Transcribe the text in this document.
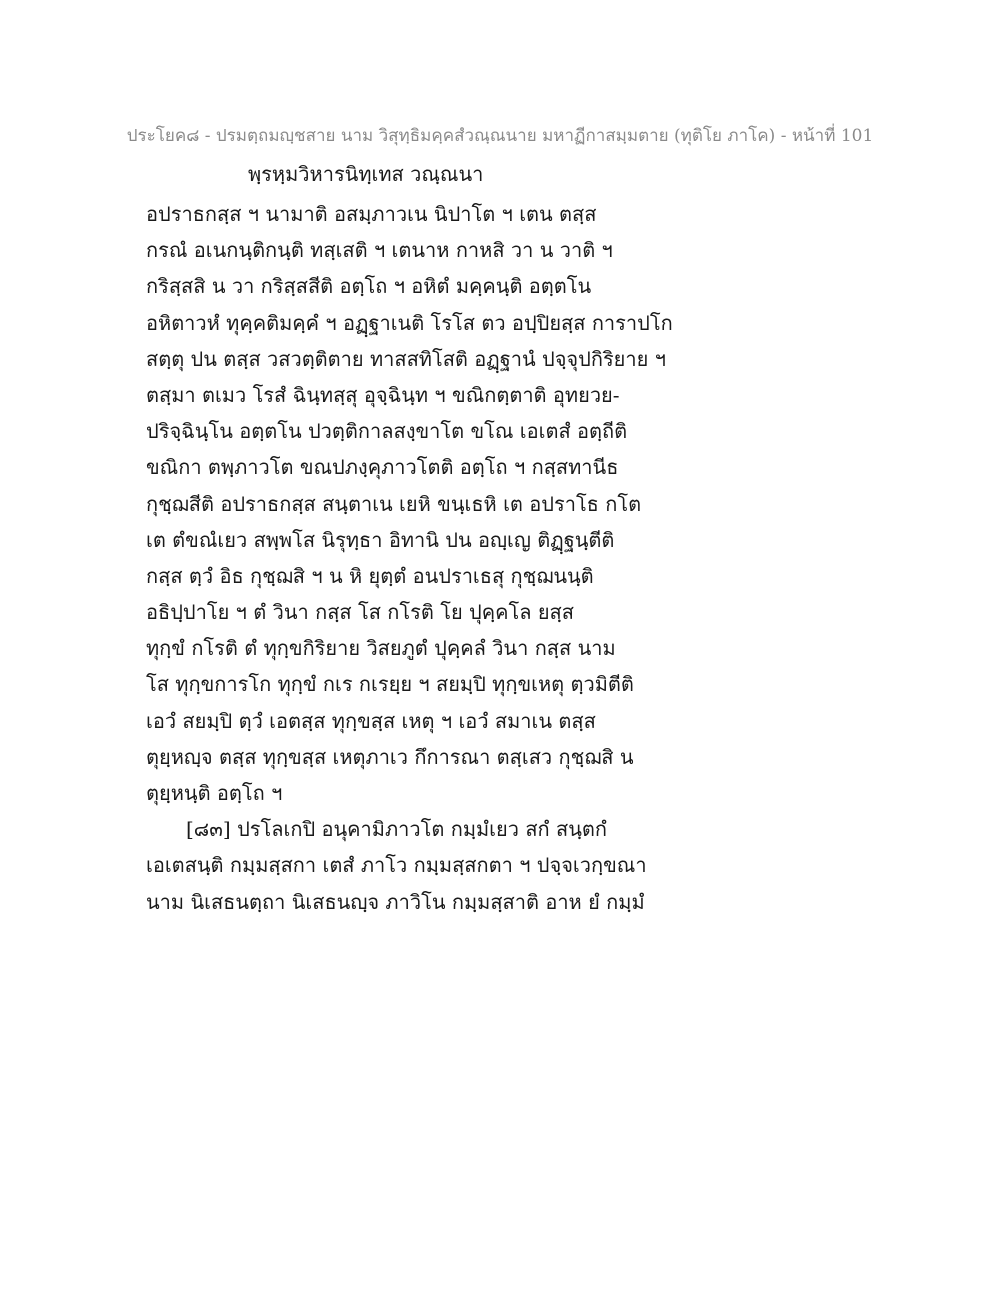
ประโยค๘ - ปรมตฺถมญฺชสาย นาม วิสุทฺธิมคฺคสํวณฺณนาย มหาฏีกาสมฺมตาย (ทุติโย ภาโค) - หน้าที่ 101
พฺรหฺมวิหารนิทฺเทส วณฺณนา

อปราธกสฺส ฯ นามาติ อสมฺภาวเน นิปาโต ฯ เตน ตสฺส

กรณํ อเนกนฺติกนฺติ ทสฺเสติ ฯ เตนาห กาหสิ วา น วาติ ฯ

กริสฺสสิ น วา กริสฺสสีติ อตฺโถ ฯ อหิตํ มคฺคนฺติ อตฺตโน

อหิตาวหํ ทุคฺคติมคฺคํ ฯ อฏฺฐาเนติ โรโส ตว อปฺปิยสฺส การาปโก

สตฺตุ ปน ตสฺส วสวตฺติตาย ทาสสทิโสติ อฏฺฐานํ ปจฺจุปกิริยาย ฯ

ตสฺมา ตเมว โรสํ ฉินฺทสฺสุ อุจฺฉินฺท ฯ ขณิกตฺตาติ อุทยวย-

ปริจฺฉินฺโน อตฺตโน ปวตฺติกาลสงฺขาโต ขโณ เอเตสํ อตฺถีติ

ขณิกา ตพฺภาวโต ขณปภงฺคุภาวโตติ อตฺโถ ฯ กสฺสทานีธ

กุชฺฌสีติ อปราธกสฺส สนฺตาเน เยหิ ขนฺเธหิ เต อปราโธ กโต

เต ตํขณํเยว สพฺพโส นิรุทฺธา อิทานิ ปน อญฺเญ ติฏฺฐนฺตีติ

กสฺส ตฺวํ อิธ กุชฺฌสิ ฯ น หิ ยุตฺตํ อนปราเธสุ กุชฺฌนนฺติ

อธิปฺปาโย ฯ ตํ วินา กสฺส โส กโรติ โย ปุคฺคโล ยสฺส

ทุกฺขํ กโรติ ตํ ทุกฺขกิริยาย วิสยภูตํ ปุคฺคลํ วินา กสฺส นาม

โส ทุกฺขการโก ทุกฺขํ กเร กเรยฺย ฯ สยมฺปิ ทุกฺขเหตุ ตฺวมิตีติ

เอวํ สยมฺปิ ตฺวํ เอตสฺส ทุกฺขสฺส เหตุ ฯ เอวํ สมาเน ตสฺส

ตุยฺหญฺจ ตสฺส ทุกฺขสฺส เหตุภาเว กึการณา ตสฺเสว กุชฺฌสิ น

ตุยฺหนฺติ อตฺโถ ฯ

[๘๓] ปรโลเกปิ อนุคามิภาวโต กมฺมํเยว สกํ สนฺตกํ

เอเตสนฺติ กมฺมสฺสกา เตสํ ภาโว กมฺมสฺสกตา ฯ ปจฺจเวกฺขณา

นาม นิเสธนตฺถา นิเสธนญฺจ ภาวิโน กมฺมสฺสาติ อาห ยํ กมฺมํ
